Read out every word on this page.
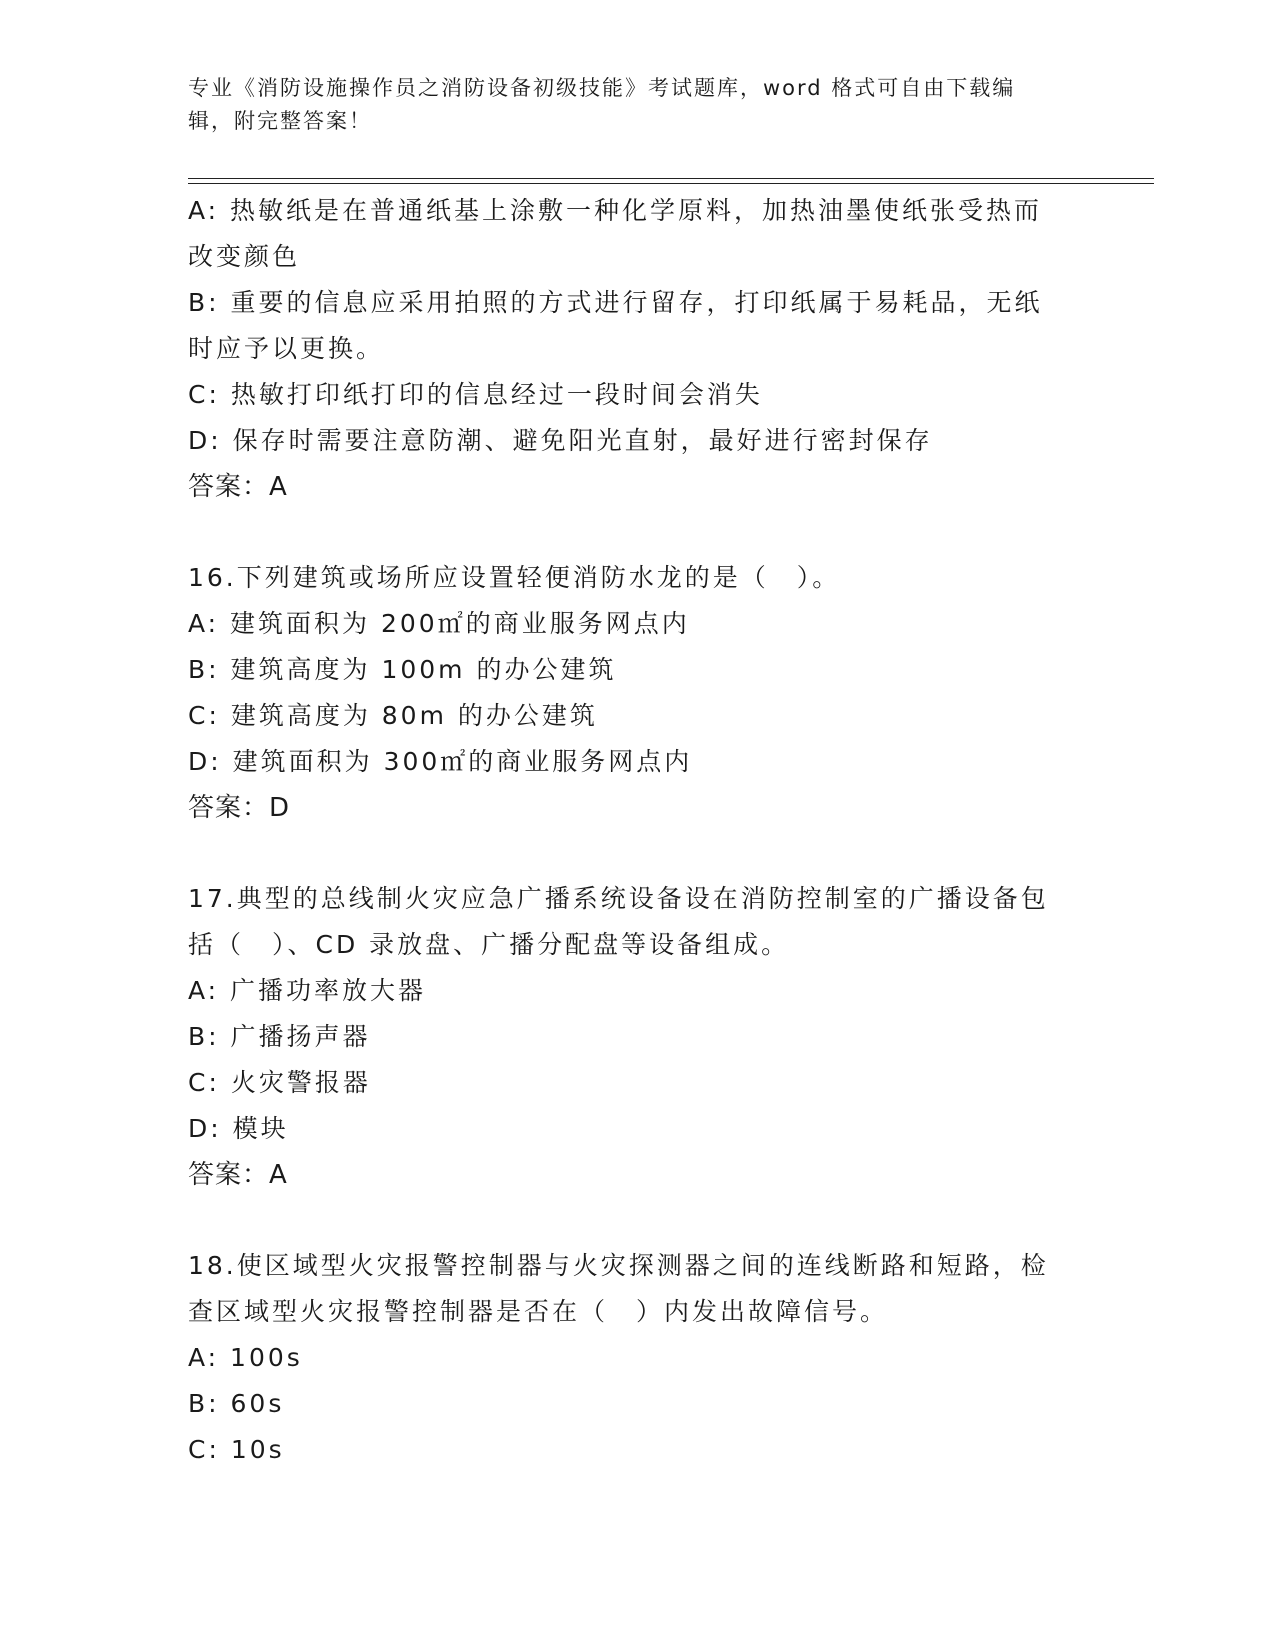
专业《消防设施操作员之消防设备初级技能》考试题库，word 格式可自由下载编
辑，附完整答案！
A: 热敏纸是在普通纸基上涂敷一种化学原料，加热油墨使纸张受热而
改变颜色
B: 重要的信息应采用拍照的方式进行留存，打印纸属于易耗品，无纸
时应予以更换。
C: 热敏打印纸打印的信息经过一段时间会消失
D: 保存时需要注意防潮、避免阳光直射，最好进行密封保存
答案：A
16.下列建筑或场所应设置轻便消防水龙的是（　）。
A: 建筑面积为 200㎡的商业服务网点内
B: 建筑高度为 100m 的办公建筑
C: 建筑高度为 80m 的办公建筑
D: 建筑面积为 300㎡的商业服务网点内
答案：D
17.典型的总线制火灾应急广播系统设备设在消防控制室的广播设备包
括（　）、CD 录放盘、广播分配盘等设备组成。
A: 广播功率放大器
B: 广播扬声器
C: 火灾警报器
D: 模块
答案：A
18.使区域型火灾报警控制器与火灾探测器之间的连线断路和短路，检
查区域型火灾报警控制器是否在（　）内发出故障信号。
A: 100s
B: 60s
C: 10s
